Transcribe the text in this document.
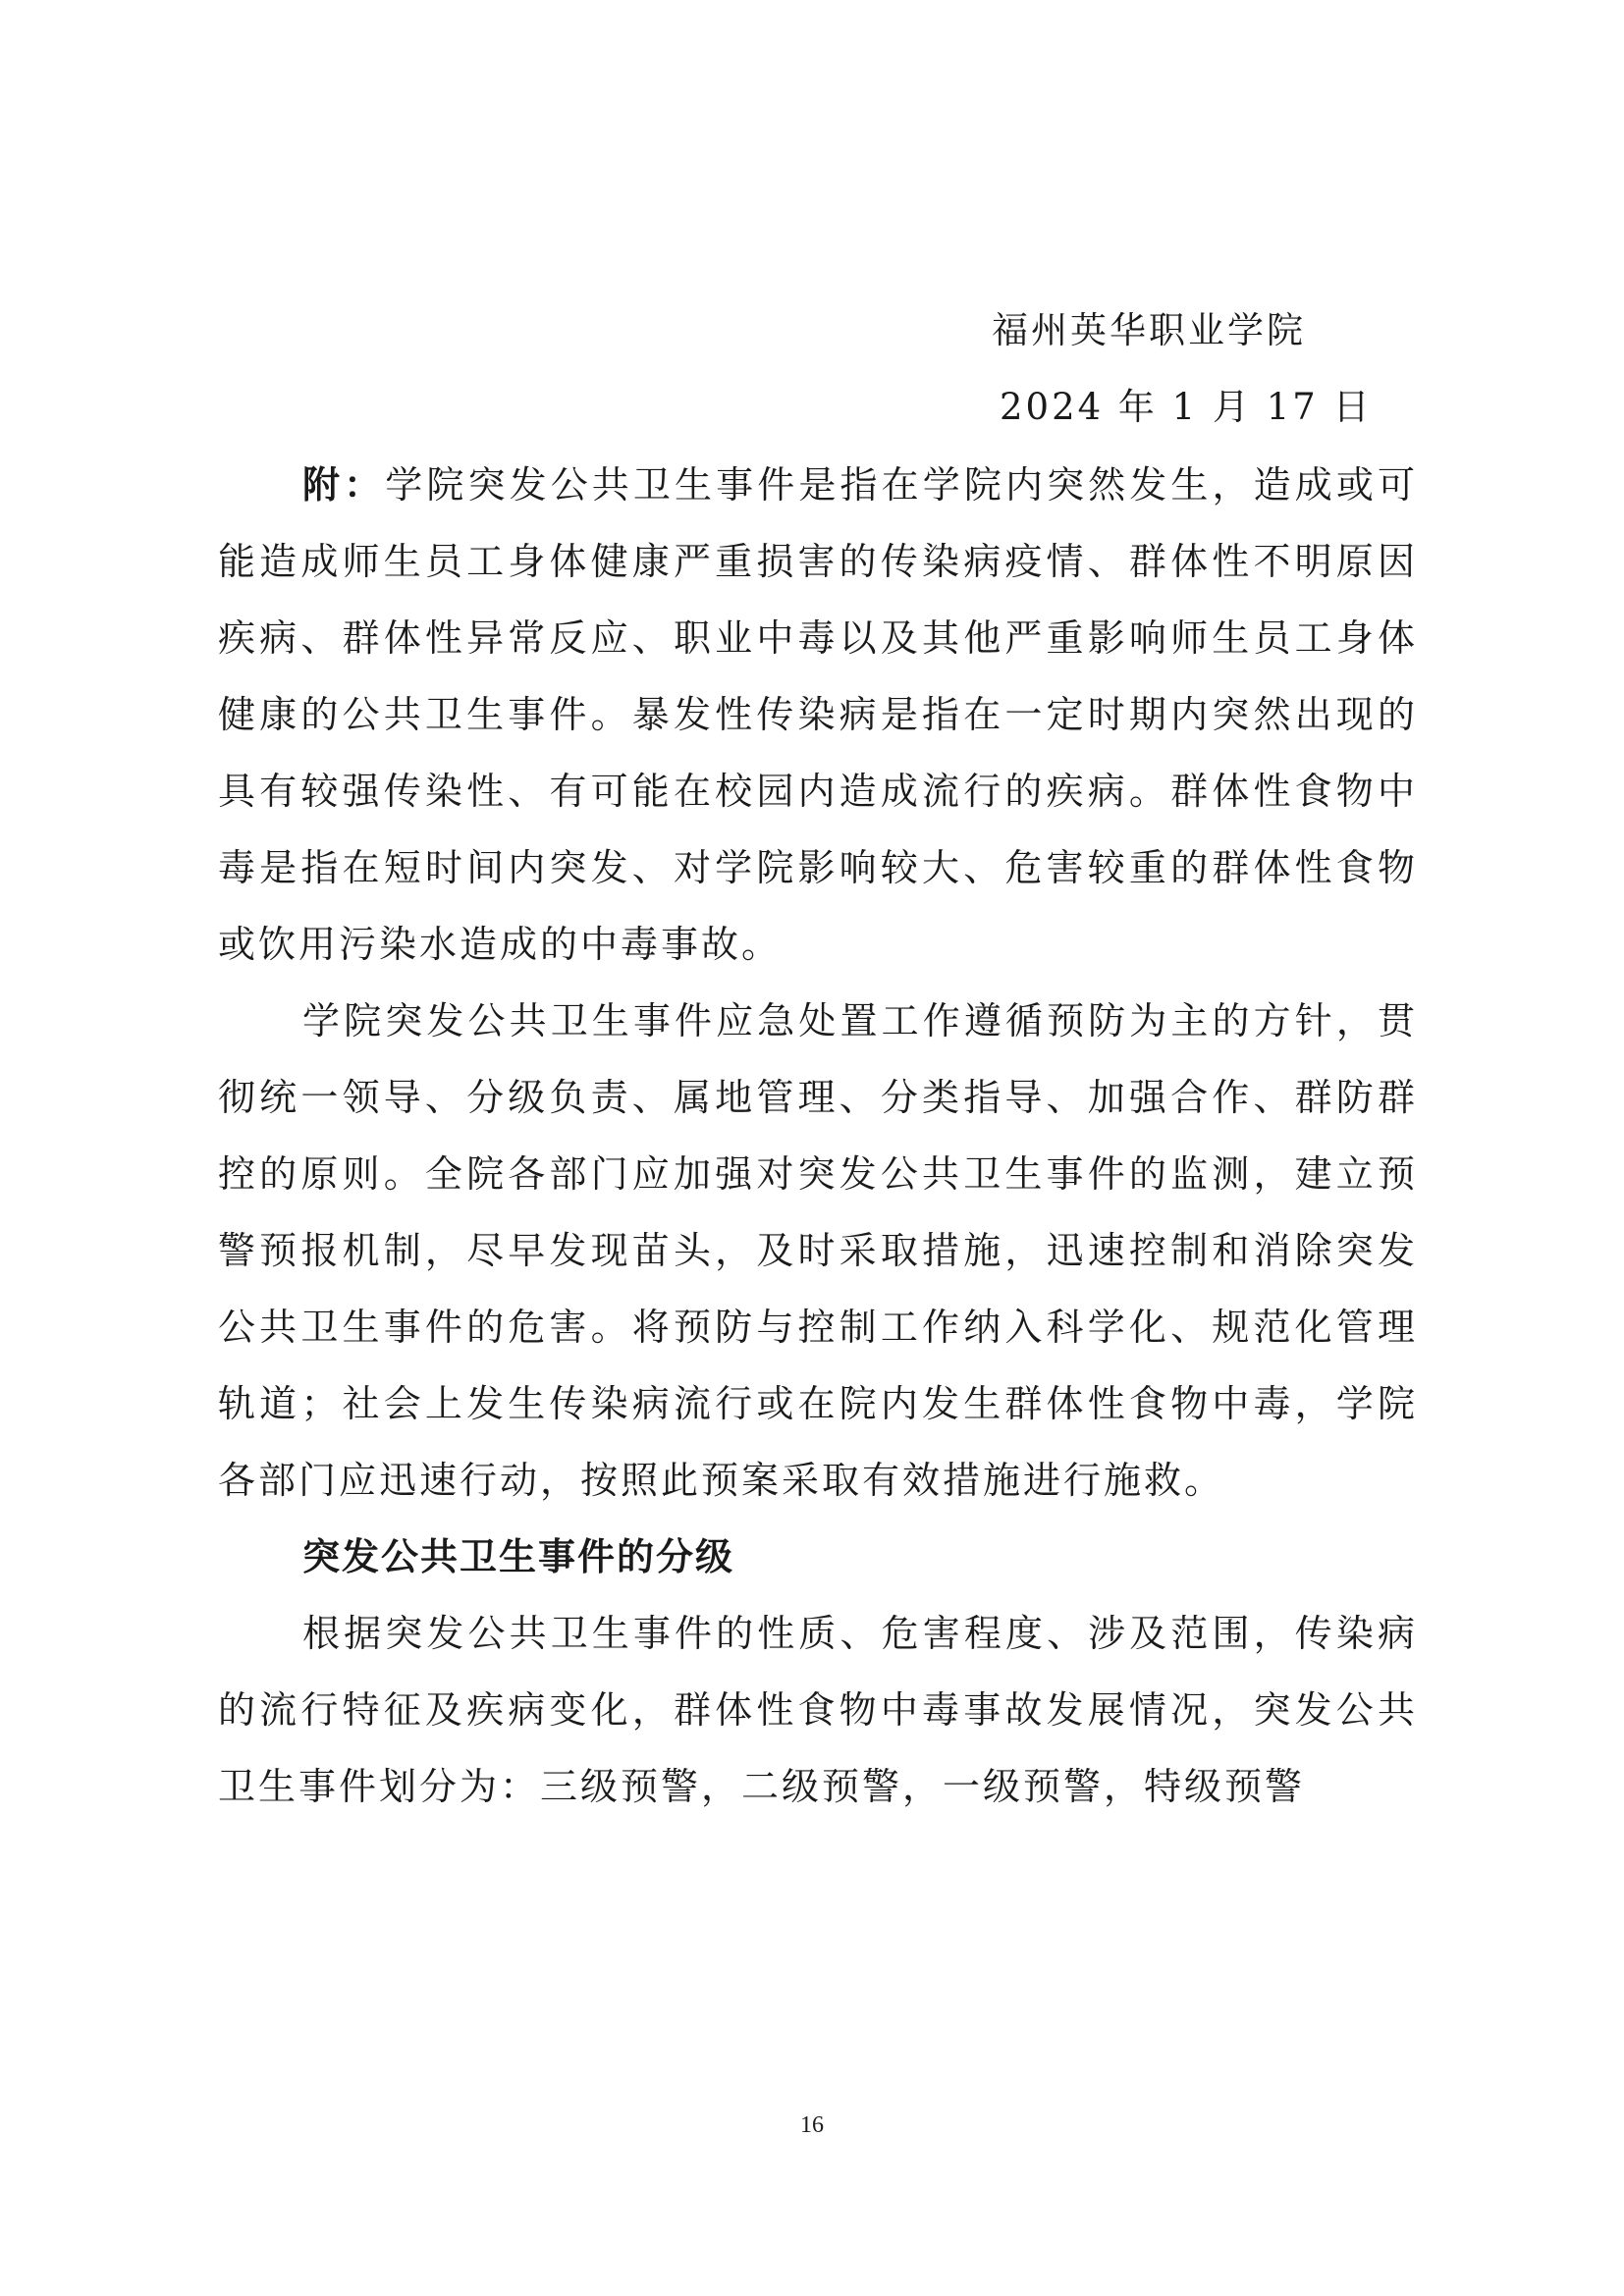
福州英华职业学院
2024 年 1 月 17 日

附：学院突发公共卫生事件是指在学院内突然发生，造成或可能造成师生员工身体健康严重损害的传染病疫情、群体性不明原因疾病、群体性异常反应、职业中毒以及其他严重影响师生员工身体健康的公共卫生事件。暴发性传染病是指在一定时期内突然出现的具有较强传染性、有可能在校园内造成流行的疾病。群体性食物中毒是指在短时间内突发、对学院影响较大、危害较重的群体性食物或饮用污染水造成的中毒事故。

学院突发公共卫生事件应急处置工作遵循预防为主的方针，贯彻统一领导、分级负责、属地管理、分类指导、加强合作、群防群控的原则。全院各部门应加强对突发公共卫生事件的监测，建立预警预报机制，尽早发现苗头，及时采取措施，迅速控制和消除突发公共卫生事件的危害。将预防与控制工作纳入科学化、规范化管理轨道；社会上发生传染病流行或在院内发生群体性食物中毒，学院各部门应迅速行动，按照此预案采取有效措施进行施救。

突发公共卫生事件的分级

根据突发公共卫生事件的性质、危害程度、涉及范围，传染病的流行特征及疾病变化，群体性食物中毒事故发展情况，突发公共卫生事件划分为：三级预警，二级预警，一级预警，特级预警

16
